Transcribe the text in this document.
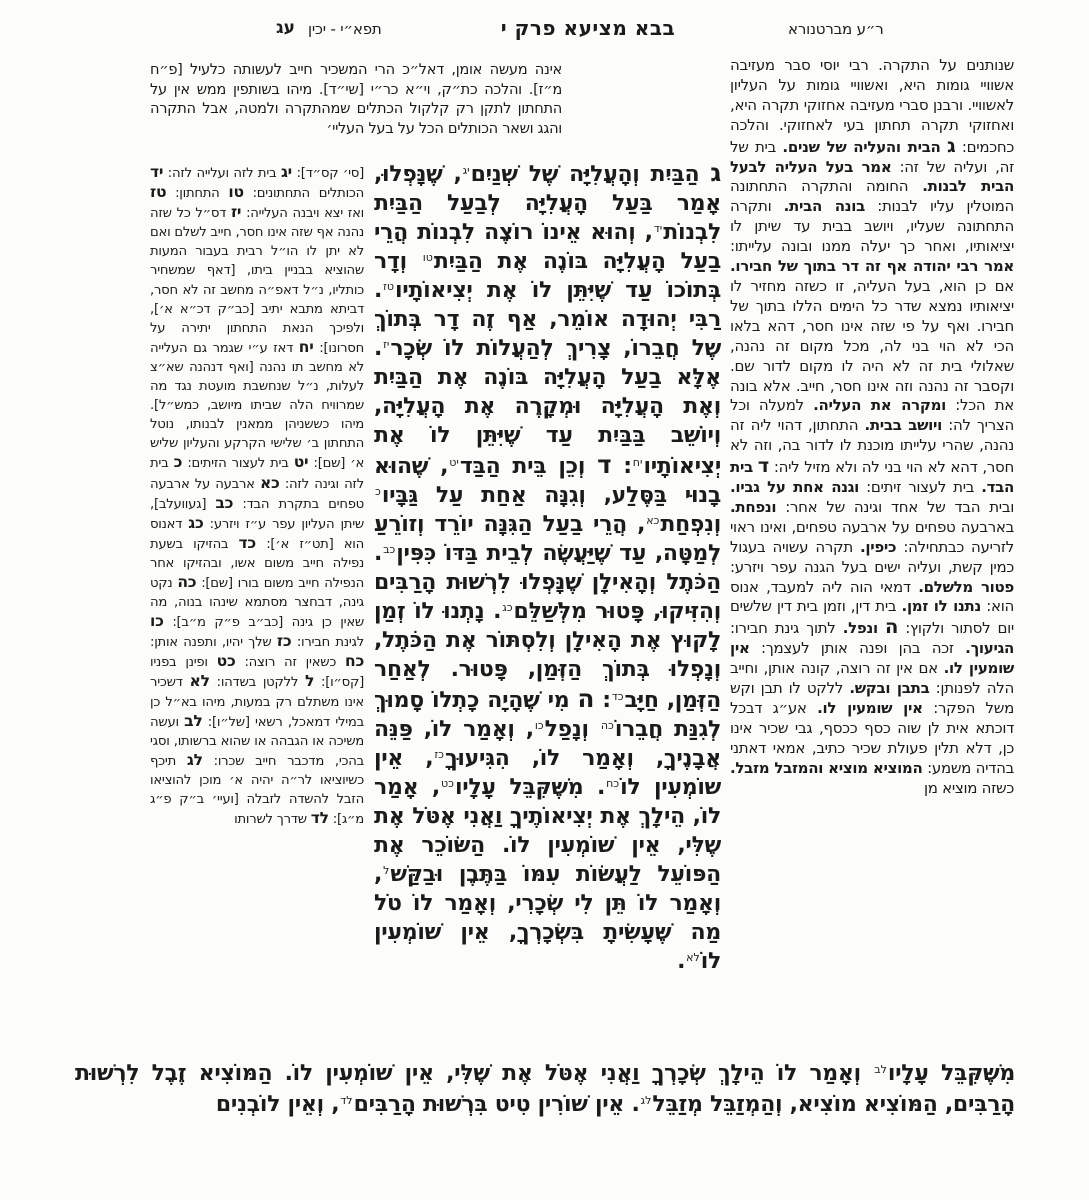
ר״ע מברטנורא
בבא מציעא פרק י
תפא״י - יכין
עג
שנותנים על התקרה. רבי יוסי סבר מעזיבה אשוויי גומות היא, ואשוויי גומות על העליון לאשוויי. ורבנן סברי מעזיבה אחזוקי תקרה היא, ואחזוקי תקרה תחתון בעי לאחזוקי. והלכה כחכמים: ג הבית והעליה של שנים. בית של זה, ועליה של זה: אמר בעל העליה לבעל הבית לבנות. החומה והתקרה התחתונה המוטלין עליו לבנות: בונה הבית. ותקרה התחתונה שעליו, ויושב בבית עד שיתן לו יציאותיו, ואחר כך יעלה ממנו ובונה עלייתו: אמר רבי יהודה אף זה דר בתוך של חבירו. אם כן הוא, בעל העליה, זו כשזה מחזיר לו יציאותיו נמצא שדר כל הימים הללו בתוך של חבירו. ואף על פי שזה אינו חסר, דהא בלאו הכי לא הוי בני לה, מכל מקום זה נהנה, שאלולי בית זה לא היה לו מקום לדור שם. וקסבר זה נהנה וזה אינו חסר, חייב. אלא בונה את הכל: ומקרה את העליה. למעלה וכל הצריך לה: ויושב בבית. התחתון, דהוי ליה זה נהנה, שהרי עלייתו מוכנת לו לדור בה, וזה לא חסר, דהא לא הוי בני לה ולא מזיל ליה: ד בית הבד. בית לעצור זיתים: וגנה אחת על גביו. ובית הבד של אחד וגינה של אחר: ונפחת. בארבעה טפחים על ארבעה טפחים, ואינו ראוי לזריעה כבתחילה: כיפין. תקרה עשויה בעגול כמין קשת, ועליה ישים בעל הגנה עפר ויזרע: פטור מלשלם. דמאי הוה ליה למעבד, אנוס הוא: נתנו לו זמן. בית דין, וזמן בית דין שלשים יום לסתור ולקוץ: ה ונפל. לתוך גינת חבירו: הגיעוך. זכה בהן ופנה אותן לעצמך: אין שומעין לו. אם אין זה רוצה, קונה אותן, וחייב הלה לפנותן: בתבן ובקש. ללקט לו תבן וקש משל הפקר: אין שומעין לו. אע״ג דבכל דוכתא אית לן שוה כסף ככסף, גבי שכיר אינו כן, דלא תלין פעולת שכיר כתיב, אמאי דאתני בהדיה משמע: המוציא מוציא והמזבל מזבל. כשזה מוציא מן
אינה מעשה אומן, דאל״כ הרי המשכיר חייב לעשותה כלעיל [פ״ח מ״ז]. והלכה כת״ק, וי״א כר״י [שי״ד]. מיהו בשותפין ממש אין על התחתון לתקן רק קלקול הכתלים שמהתקרה ולמטה, אבל התקרה והגג ושאר הכותלים הכל על בעל העליי׳
ג הַבַּיִת וְהָעֲלִיָּה שֶׁל שְׁנַיִם$^{יג}$, שֶׁנָּפְלוּ, אָמַר בַּעַל הָעֲלִיָּה לְבַעַל הַבַּיִת לִבְנוֹת$^{יד}$, וְהוּא אֵינוֹ רוֹצֶה לִבְנוֹת הֲרֵי בַעַל הָעֲלִיָּה בּוֹנֶה אֶת הַבַּיִת$^{טו}$ וְדָר בְּתוֹכוֹ עַד שֶׁיִּתֵּן לוֹ אֶת יְצִיאוֹתָיו$^{טז}$. רַבִּי יְהוּדָה אוֹמֵר, אַף זֶה דָר בְּתוֹךְ שֶׁל חֲבֵרוֹ, צָרִיךְ לְהַעֲלוֹת לוֹ שְׂכָר$^{יז}$. אֶלָּא בַעַל הָעֲלִיָּה בּוֹנֶה אֶת הַבַּיִת וְאֶת הָעֲלִיָּה וּמְקָרֶה אֶת הָעֲלִיָּה, וְיוֹשֵׁב בַּבַּיִת עַד שֶׁיִּתֵּן לוֹ אֶת יְצִיאוֹתָיו$^{יח}$: ד וְכֵן בֵּית הַבַּד$^{יט}$, שֶׁהוּא בָנוּי בַּסֶּלַע, וְגִנָּה אַחַת עַל גַּבָּיו$^כ$ וְנִפְחַת$^{כא}$, הֲרֵי בַעַל הַגִּנָּה יוֹרֵד וְזוֹרֵעַ לְמַטָּה, עַד שֶׁיַּעֲשֶׂה לְבֵית בַּדּוֹ כִּפִּין$^{כב}$. הַכֹּתֶל וְהָאִילָן שֶׁנָּפְלוּ לִרְשׁוּת הָרַבִּים וְהִזִּיקוּ, פָּטוּר מִלְּשַׁלֵּם$^{כג}$. נָתְנוּ לוֹ זְמַן לָקוּץ אֶת הָאִילָן וְלִסְתּוֹר אֶת הַכֹּתֶל, וְנָפְלוּ בְּתוֹךְ הַזְּמַן, פָּטוּר. לְאַחַר הַזְּמַן, חַיָּב$^{כד}$: ה מִי שֶׁהָיָה כָתְלוֹ סָמוּךְ לְגִנַּת חֲבֵרוֹ$^{כה}$ וְנָפַל$^{כו}$, וְאָמַר לוֹ, פַּנֵּה אֲבָנֶיךָ, וְאָמַר לוֹ, הִגִּיעוּךָ$^{כז}$, אֵין שׁוֹמְעִין לוֹ$^{כח}$. מִשֶּׁקִּבֵּל עָלָיו$^{כט}$, אָמַר לוֹ, הֵילָךְ אֶת יְצִיאוֹתֶיךָ וַאֲנִי אֶטֹּל אֶת שֶׁלִּי, אֵין שׁוֹמְעִין לוֹ. הַשּׂוֹכֵר אֶת הַפּוֹעֵל לַעֲשׂוֹת עִמּוֹ בַּתֶּבֶן וּבַקַּשׁ$^ל$, וְאָמַר לוֹ תֵּן לִי שְׂכָרִי, וְאָמַר לוֹ טֹל מַה שֶּׁעָשִׂיתָ בִּשְׂכָרְךָ, אֵין שׁוֹמְעִין לוֹ$^{לא}$.
[סי׳ קס״ד]: יג בית לזה ועלייה לזה: יד הכותלים התחתונים: טו התחתון: טז ואז יצא ויבנה העלייה: יז דס״ל כל שזה נהנה אף שזה אינו חסר, חייב לשלם ואם לא יתן לו הו״ל רבית בעבור המעות שהוציא בבניין ביתו, [דאף שמשחיר כותליו, נ״ל דאפ״ה מחשב זה לא חסר, דביתא מתבא יתיב [כב״ק דכ״א א׳], ולפיכך הנאת התחתון יתירה על חסרונו]: יח דאז ע״י שגמר גם העלייה לא מחשב תו נהנה [ואף דנהנה שא״צ לעלות, נ״ל שנחשבת מועטת נגד מה שמרוויח הלה שביתו מיושב, כמש״ל]. מיהו כששניהן ממאנין לבנותו, נוטל התחתון ב׳ שלישי הקרקע והעליון שליש א׳ [שם]: יט בית לעצור הזיתים: כ בית לזה וגינה לזה: כא ארבעה על ארבעה טפחים בתקרת הבד: כב [געוועלב], שיתן העליון עפר ע״ז ויזרע: כג דאנוס הוא [תט״ז א׳]: כד בהזיקו בשעת נפילה חייב משום אשו, ובהזיקו אחר הנפילה חייב משום בורו [שם]: כה נקט גינה, דבחצר מסתמא שינהו בנוה, מה שאין כן גינה [כב״ב פ״ק מ״ב]: כו לגינת חבירו: כז שלך יהיו, ותפנה אותן: כח כשאין זה רוצה: כט ופינן בפניו [קס״ו]: ל ללקטן בשדהו: לא דשכיר אינו משתלם רק במעות, מיהו בא״ל כן במילי דמאכל, רשאי [של״ו]: לב ועשה משיכה או הגבהה או שהוא ברשותו, וסגי בהכי, מדכבר חייב שכרו: לג תיכף כשיוציאו לר״ה יהיה א׳ מוכן להוציאו הזבל להשדה לזבלה [ועיי׳ ב״ק פ״ג מ״ג]: לד שדרך לשרותו
מִשֶּׁקִּבֵּל עָלָיו$^{לב}$ וְאָמַר לוֹ הֵילָךְ שְׂכָרְךָ וַאֲנִי אֶטֹּל אֶת שֶׁלִּי, אֵין שׁוֹמְעִין לוֹ. הַמּוֹצִיא זֶבֶל לִרְשׁוּת הָרַבִּים, הַמּוֹצִיא מוֹצִיא, וְהַמְזַבֵּל מְזַבֵּל$^{לג}$. אֵין שׁוֹרִין טִיט בִּרְשׁוּת הָרַבִּים$^{לד}$, וְאֵין לוֹבְנִים
